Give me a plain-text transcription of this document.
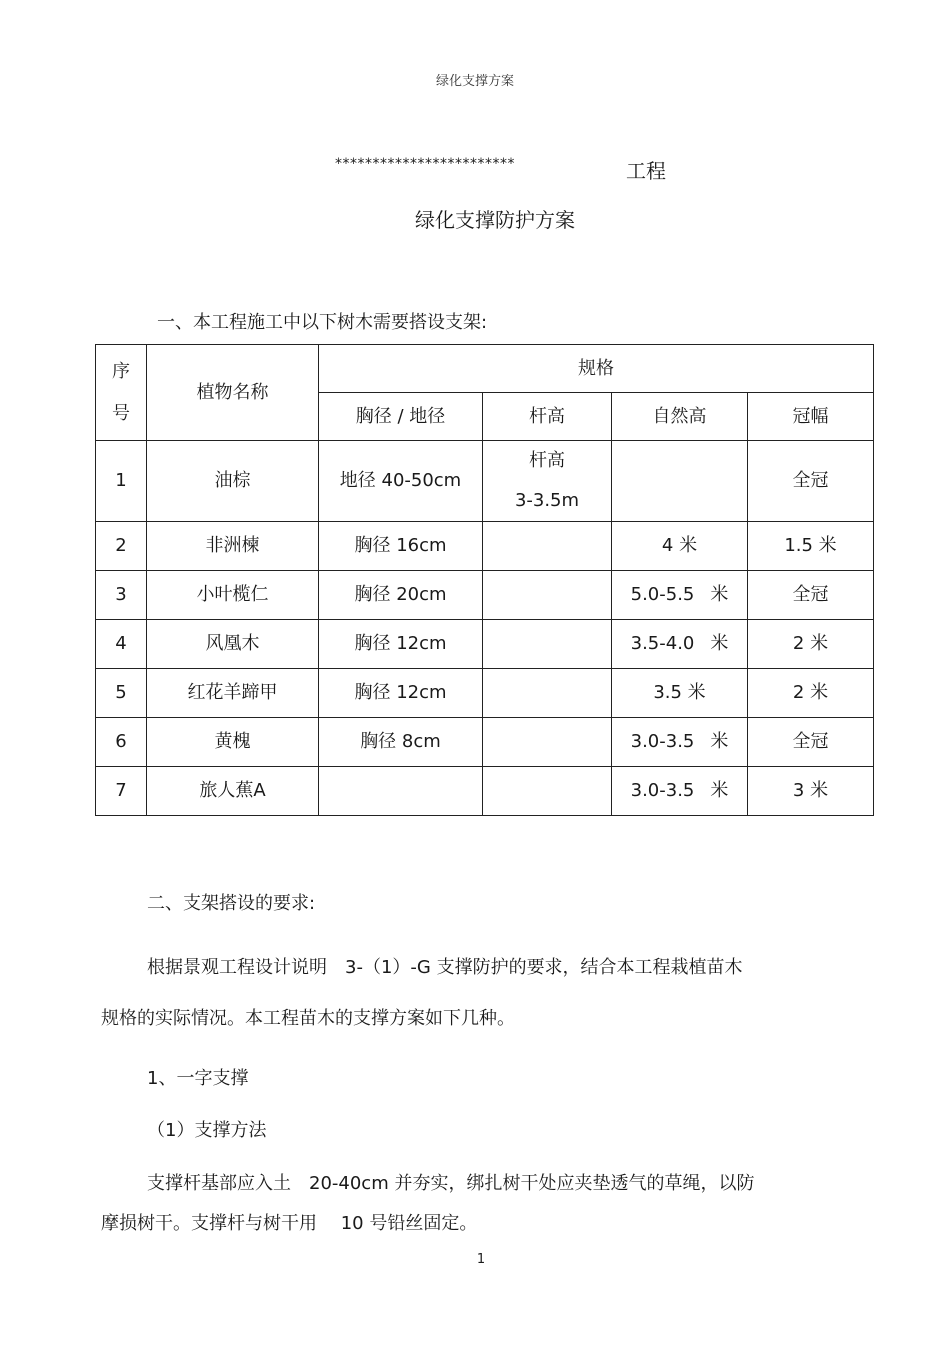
绿化支撑方案
************************	工程
绿化支撑防护方案
一、本工程施工中以下树木需要搭设支架:
序号	植物名称	规格			
		胸径 / 地径	杆高	自然高	冠幅
1	油棕	地径 40-50cm	杆高
3-3.5m		全冠
2	非洲楝	胸径 16cm		4 米	1.5 米
3	小叶榄仁	胸径 20cm		5.0-5.5 米	全冠
4	风凰木	胸径 12cm		3.5-4.0 米	2 米
5	红花羊蹄甲	胸径 12cm		3.5 米	2 米
6	黄槐	胸径 8cm		3.0-3.5 米	全冠
7	旅人蕉A			3.0-3.5 米	3 米
二、支架搭设的要求:
根据景观工程设计说明　3-（1）-G 支撑防护的要求，结合本工程栽植苗木
规格的实际情况。本工程苗木的支撑方案如下几种。
1、一字支撑
（1）支撑方法
支撑杆基部应入土　20-40cm 并夯实，绑扎树干处应夹垫透气的草绳，以防
摩损树干。支撑杆与树干用　 10 号铅丝固定。
1
